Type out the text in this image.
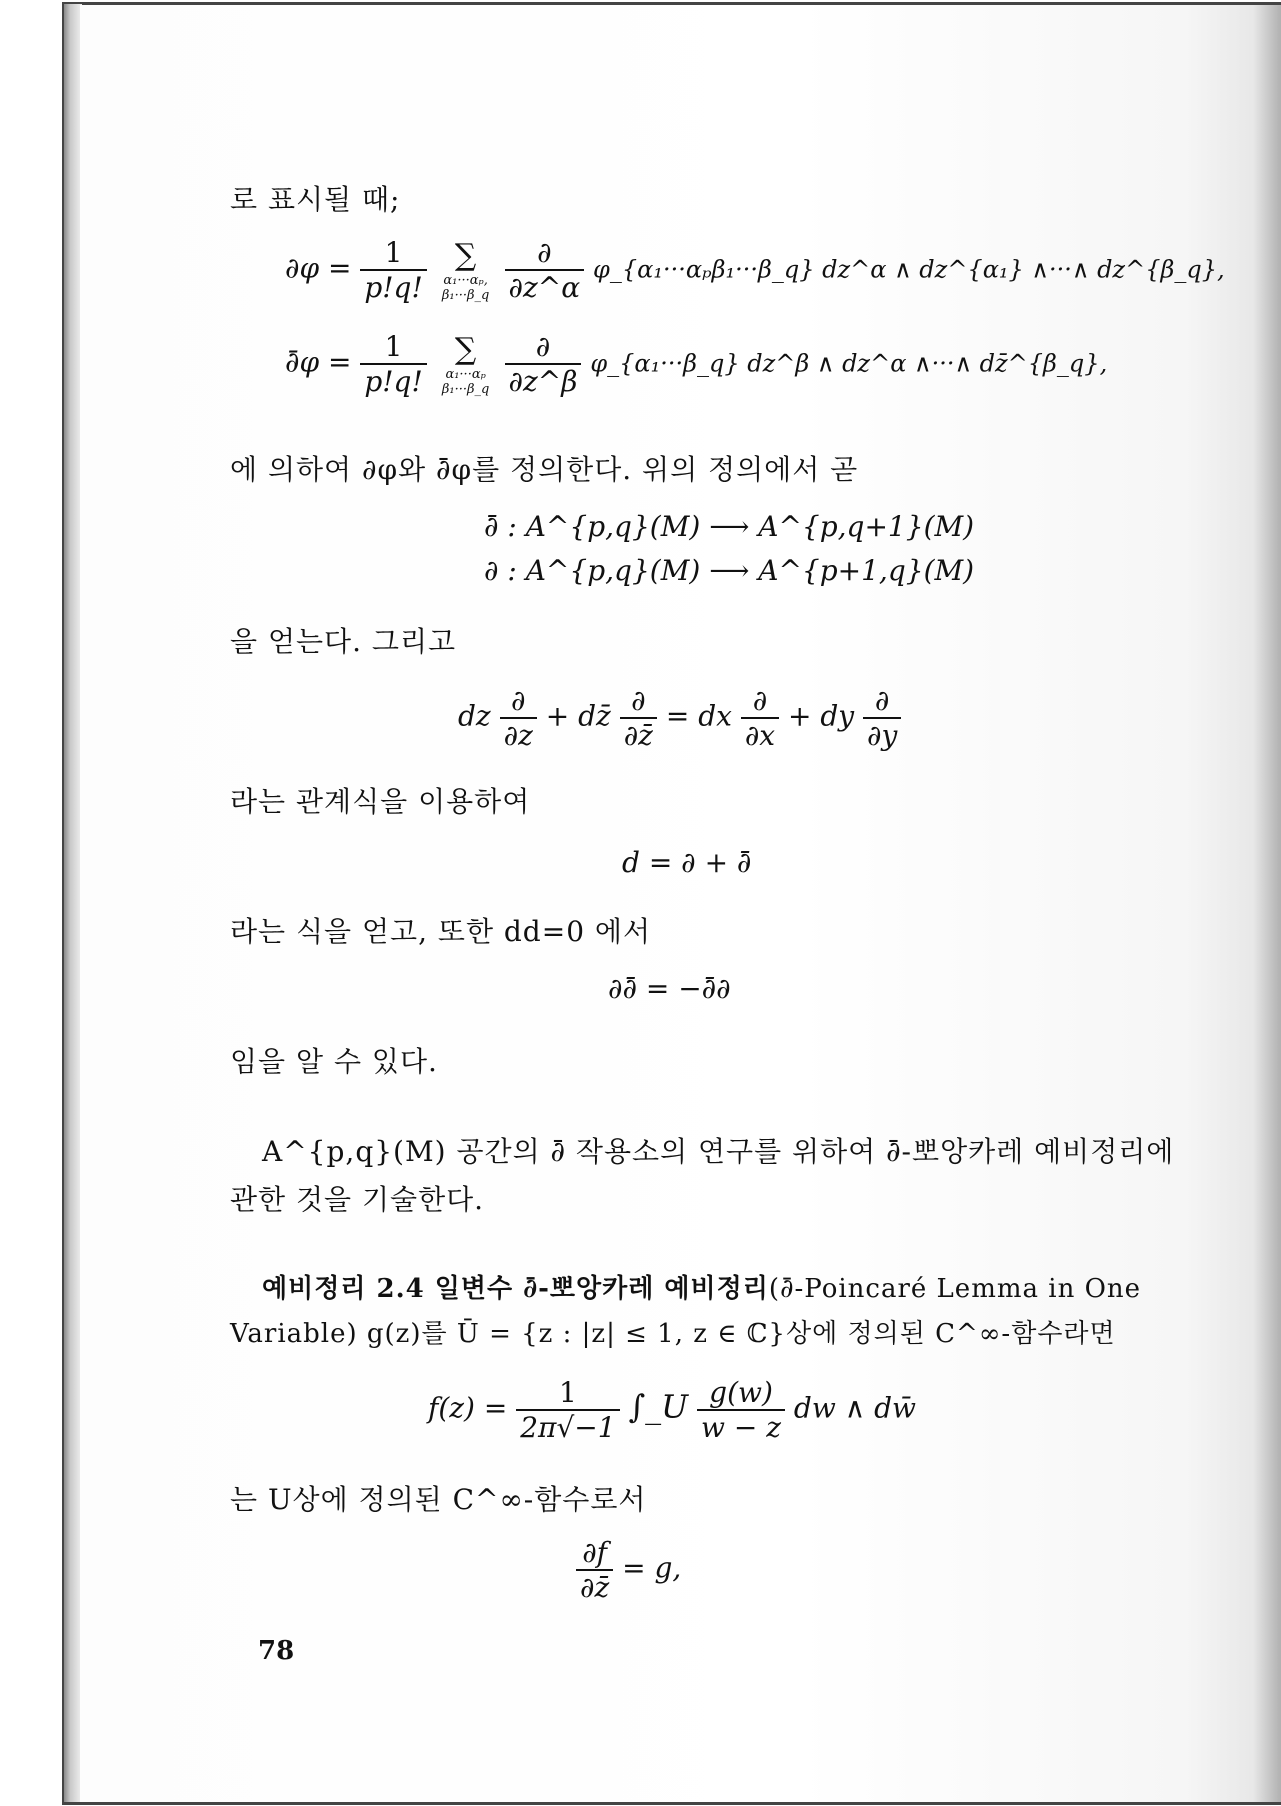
로 표시될 때;
$\partial\varphi = \frac{1}{p!q!}$
∑
α₁···αₚ,
β₁···β_q
$\frac{\partial}{\partial z\^{}\alpha}$ φ_{α₁···αₚβ₁···β_q} dz^α ∧ dz^{α₁} ∧···∧ dz^{β_q},
∂̄φ = $\frac{1}{p!q!}$
∑
α₁···αₚ
β₁···β_q
$\frac{\partial}{\partial z\^{}\beta}$ φ_{α₁···β_q} dz^β ∧ dz^α ∧···∧ dz̄^{β_q},
에 의하여 ∂φ와 ∂̄φ를 정의한다. 위의 정의에서 곧
∂̄ : A^{p,q}(M) ⟶ A^{p,q+1}(M)
∂ : A^{p,q}(M) ⟶ A^{p+1,q}(M)
을 얻는다. 그리고
dz $\frac{\partial}{\partial z}$ + dz̄ $\frac{\partial}{\partial z̄}$ = dx $\frac{\partial}{\partial x}$ + dy $\frac{\partial}{\partial y}$
라는 관계식을 이용하여
d = ∂ + ∂̄
라는 식을 얻고, 또한 dd=0 에서
∂∂̄ = −∂̄∂
임을 알 수 있다.
A^{p,q}(M) 공간의 ∂̄ 작용소의 연구를 위하여 ∂̄-뽀앙카레 예비정리에
관한 것을 기술한다.
예비정리 2.4 일변수 ∂̄-뽀앙카레 예비정리(∂̄-Poincaré Lemma in One
Variable) g(z)를 Ū = {z : |z| ≤ 1, z ∈ ℂ}상에 정의된 C^∞-함수라면
$f(z) = \frac{1}{2\pi√-1}$ ∫_U $\frac{g(w)}{w - z}$ dw ∧ dw̄
는 U상에 정의된 C^∞-함수로서
$\frac{\partial f}{\partial z̄} = g$,
78
